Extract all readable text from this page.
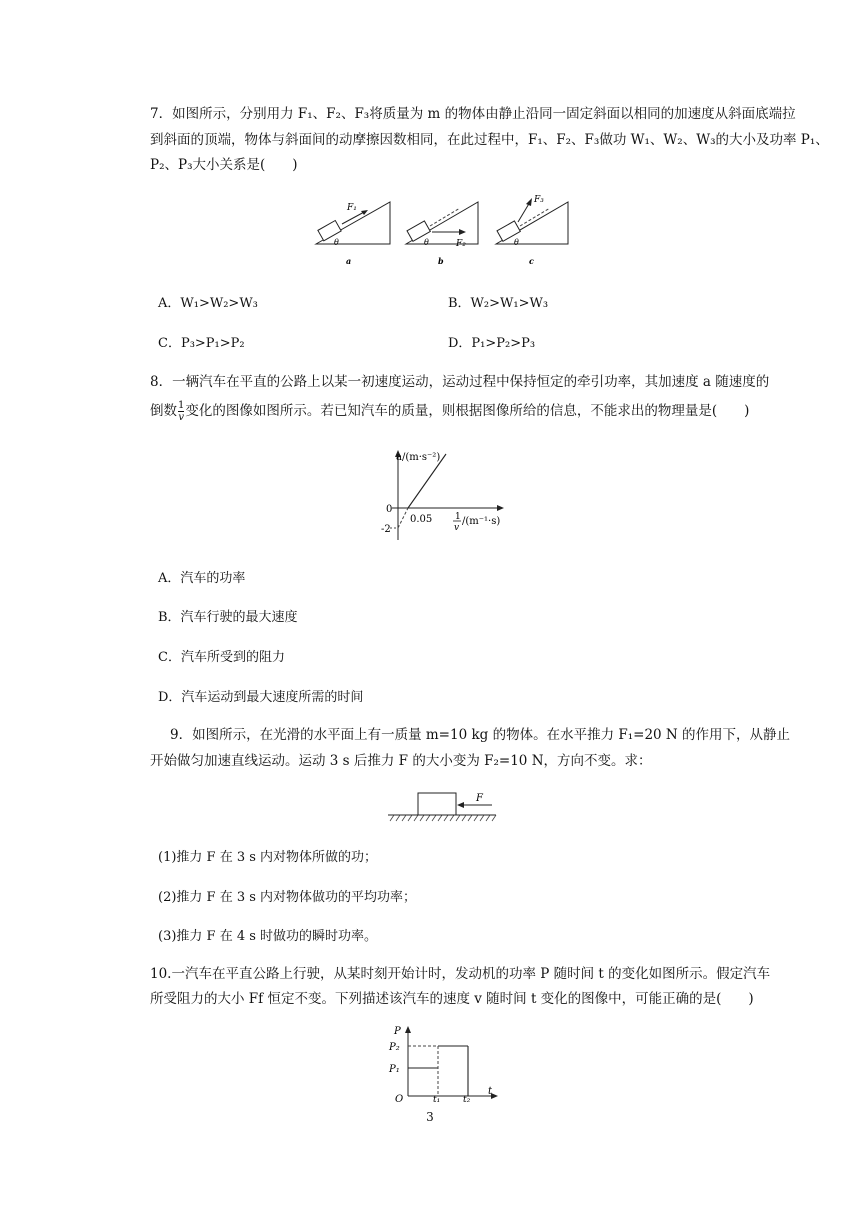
7．如图所示，分别用力 F₁、F₂、F₃将质量为 m 的物体由静止沿同一固定斜面以相同的加速度从斜面底端拉
到斜面的顶端，物体与斜面间的动摩擦因数相同，在此过程中，F₁、F₂、F₃做功 W₁、W₂、W₃的大小及功率 P₁、
P₂、P₃大小关系是(　　)
F₁
θ
a
F₂
θ
b
F₃
θ
c
A．W₁>W₂>W₃	B．W₂>W₁>W₃
C．P₃>P₁>P₂	D．P₁>P₂>P₃
8．一辆汽车在平直的公路上以某一初速度运动，运动过程中保持恒定的牵引功率，其加速度 a 随速度的
倒数 $\frac{1}{v}$ 变化的图像如图所示。若已知汽车的质量，则根据图像所给的信息，不能求出的物理量是(　　)
a/(m·s⁻²)
0
0.05
-2
1
v
/(m⁻¹·s)
A．汽车的功率
B．汽车行驶的最大速度
C．汽车所受到的阻力
D．汽车运动到最大速度所需的时间
9．如图所示，在光滑的水平面上有一质量 m=10 kg 的物体。在水平推力 F₁=20 N 的作用下，从静止
开始做匀加速直线运动。运动 3 s 后推力 F 的大小变为 F₂=10 N，方向不变。求：
F
(1)推力 F 在 3 s 内对物体所做的功；
(2)推力 F 在 3 s 内对物体做功的平均功率；
(3)推力 F 在 4 s 时做功的瞬时功率。
10.一汽车在平直公路上行驶，从某时刻开始计时，发动机的功率 P 随时间 t 的变化如图所示。假定汽车
所受阻力的大小 Ff 恒定不变。下列描述该汽车的速度 v 随时间 t 变化的图像中，可能正确的是(　　)
P
P₂
P₁
O	t₁	t₂
t
3
